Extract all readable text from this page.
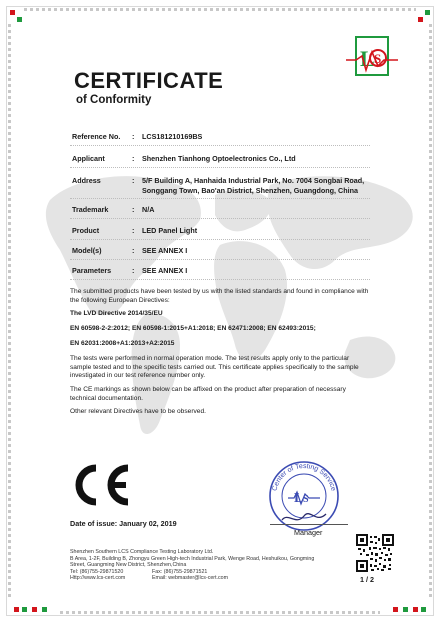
CERTIFICATE
of Conformity
L S
Reference No. : LCS181210169BS
Applicant	: Shenzhen Tianhong Optoelectronics Co., Ltd
Address	: 5/F Building A, Hanhaida Industrial Park, No. 7004 Songbai Road, Songgang Town, Bao'an District, Shenzhen, Guangdong, China
Trademark	: N/A
Product	: LED Panel Light
Model(s)	: SEE ANNEX I
Parameters	: SEE ANNEX I
The submitted products have been tested by us with the listed standards and found in compliance with the following European Directives:
The LVD Directive 2014/35/EU
EN 60598-2-2:2012; EN 60598-1:2015+A1:2018; EN 62471:2008; EN 62493:2015;
EN 62031:2008+A1:2013+A2:2015
The tests were performed in normal operation mode. The test results apply only to the particular sample tested and to the specific tests carried out. This certificate applies specifically to the sample investigated in our test reference number only.
The CE markings as shown below can be affixed on the product after preparation of necessary technical documentation.
Other relevant Directives have to be observed.
Date of issue: January 02, 2019
Center of Testing Service
L S
Manager
Shenzhen Southern LCS Compliance Testing Laboratory Ltd.
B Area, 1-2F, Building B, Zhongyu Green High-tech Industrial Park, Wenge Road, Heshuikou, Gongming
Street, Guangming New District, Shenzhen,China
Tel: (86)755-29871520	Fax: (86)755-29871521
Http://www.lcs-cert.com	Email: webmaster@lcs-cert.com	1 / 2
